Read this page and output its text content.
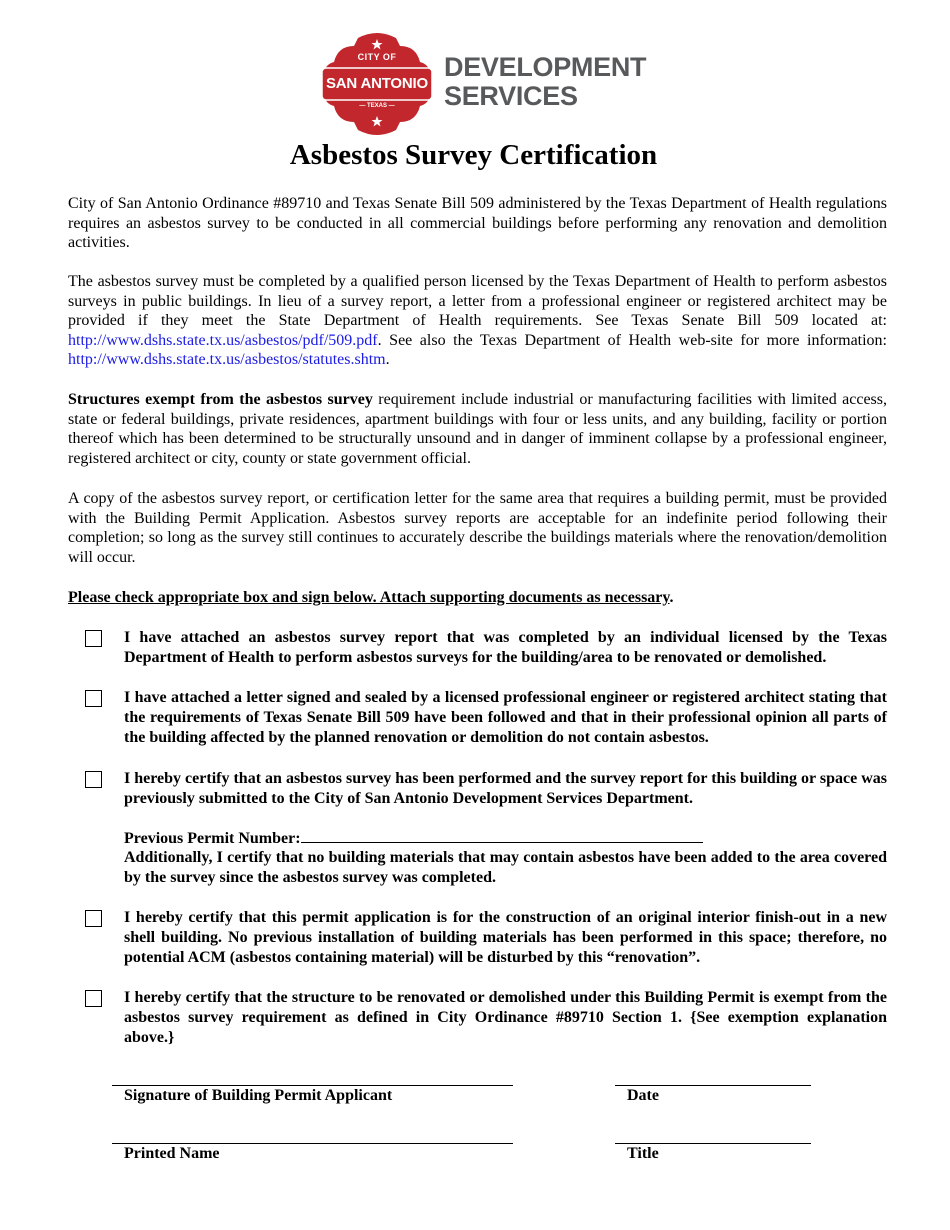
CITY OF
SAN ANTONIO
— TEXAS —
DEVELOPMENT
SERVICES
Asbestos Survey Certification

City of San Antonio Ordinance #89710 and Texas Senate Bill 509 administered by the Texas Department of Health regulations requires an asbestos survey to be conducted in all commercial buildings before performing any renovation and demolition activities.

The asbestos survey must be completed by a qualified person licensed by the Texas Department of Health to perform asbestos surveys in public buildings. In lieu of a survey report, a letter from a professional engineer or registered architect may be provided if they meet the State Department of Health requirements. See Texas Senate Bill 509 located at: http://www.dshs.state.tx.us/asbestos/pdf/509.pdf. See also the Texas Department of Health web-site for more information: http://www.dshs.state.tx.us/asbestos/statutes.shtm.

Structures exempt from the asbestos survey requirement include industrial or manufacturing facilities with limited access, state or federal buildings, private residences, apartment buildings with four or less units, and any building, facility or portion thereof which has been determined to be structurally unsound and in danger of imminent collapse by a professional engineer, registered architect or city, county or state government official.

A copy of the asbestos survey report, or certification letter for the same area that requires a building permit, must be provided with the Building Permit Application. Asbestos survey reports are acceptable for an indefinite period following their completion; so long as the survey still continues to accurately describe the buildings materials where the renovation/demolition will occur.

Please check appropriate box and sign below. Attach supporting documents as necessary.

I have attached an asbestos survey report that was completed by an individual licensed by the Texas Department of Health to perform asbestos surveys for the building/area to be renovated or demolished.

I have attached a letter signed and sealed by a licensed professional engineer or registered architect stating that the requirements of Texas Senate Bill 509 have been followed and that in their professional opinion all parts of the building affected by the planned renovation or demolition do not contain asbestos.

I hereby certify that an asbestos survey has been performed and the survey report for this building or space was previously submitted to the City of San Antonio Development Services Department.

Previous Permit Number:

Additionally, I certify that no building materials that may contain asbestos have been added to the area covered by the survey since the asbestos survey was completed.

I hereby certify that this permit application is for the construction of an original interior finish-out in a new shell building. No previous installation of building materials has been performed in this space; therefore, no potential ACM (asbestos containing material) will be disturbed by this “renovation”.

I hereby certify that the structure to be renovated or demolished under this Building Permit is exempt from the asbestos survey requirement as defined in City Ordinance #89710 Section 1. {See exemption explanation above.}

Signature of Building Permit Applicant	Date
Printed Name	Title
